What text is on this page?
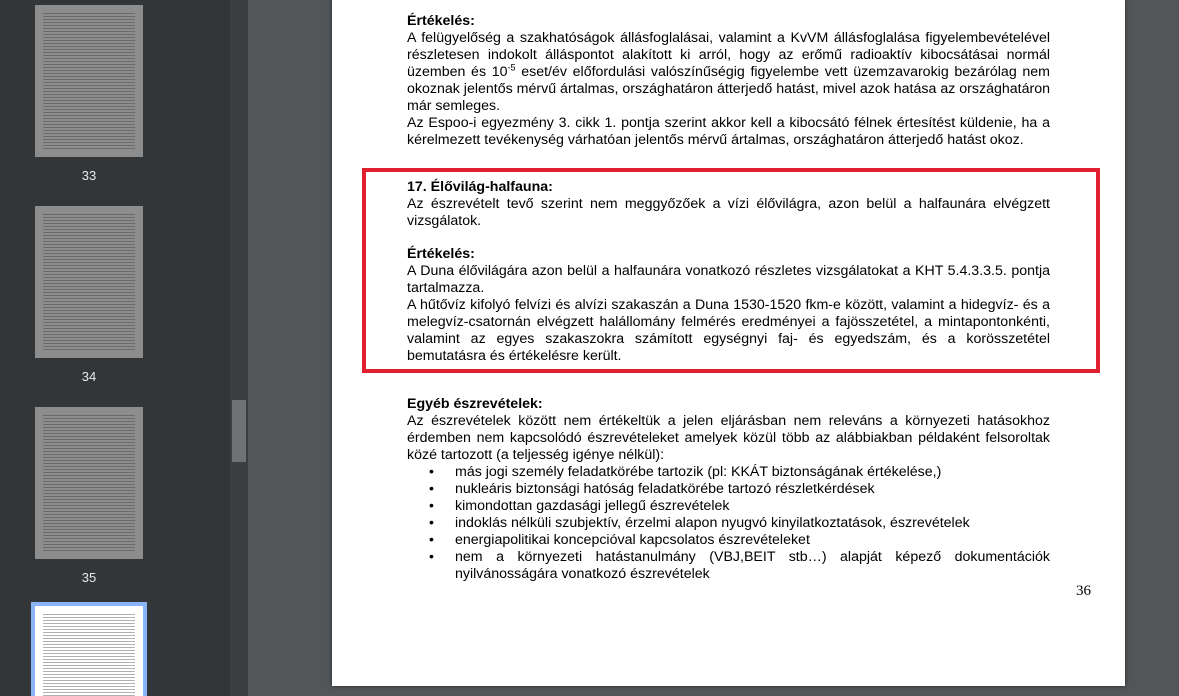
33
34
35

Értékelés:

A felügyelőség a szakhatóságok állásfoglalásai, valamint a KvVM állásfoglalása figyelembevételével részletesen indokolt álláspontot alakított ki arról, hogy az erőmű radioaktív kibocsátásai normál üzemben és $10^{-5}$ eset/év előfordulási valószínűségig figyelembe vett üzemzavarokig bezárólag nem okoznak jelentős mérvű ártalmas, országhatáron átterjedő hatást, mivel azok hatása az országhatáron már semleges.

Az Espoo-i egyezmény 3. cikk 1. pontja szerint akkor kell a kibocsátó félnek értesítést küldenie, ha a kérelmezett tevékenység várhatóan jelentős mérvű ártalmas, országhatáron átterjedő hatást okoz.

17. Élővilág-halfauna:

Az észrevételt tevő szerint nem meggyőzőek a vízi élővilágra, azon belül a halfaunára elvégzett vizsgálatok.

Értékelés:

A Duna élővilágára azon belül a halfaunára vonatkozó részletes vizsgálatokat a KHT 5.4.3.3.5. pontja tartalmazza.

A hűtővíz kifolyó felvízi és alvízi szakaszán a Duna 1530-1520 fkm-e között, valamint a hidegvíz- és a melegvíz-csatornán elvégzett halállomány felmérés eredményei a fajösszetétel, a mintapontonkénti, valamint az egyes szakaszokra számított egységnyi faj- és egyedszám, és a korösszetétel bemutatásra és értékelésre került.

Egyéb észrevételek:

Az észrevételek között nem értékeltük a jelen eljárásban nem releváns a környezeti hatásokhoz érdemben nem kapcsolódó észrevételeket amelyek közül több az alábbiakban példaként felsoroltak közé tartozott (a teljesség igénye nélkül):

• más jogi személy feladatkörébe tartozik (pl: KKÁT biztonságának értékelése,)
• nukleáris biztonsági hatóság feladatkörébe tartozó részletkérdések
• kimondottan gazdasági jellegű észrevételek
• indoklás nélküli szubjektív, érzelmi alapon nyugvó kinyilatkoztatások, észrevételek
• energiapolitikai koncepcióval kapcsolatos észrevételeket
• nem a környezeti hatástanulmány (VBJ,BEIT stb…) alapját képező dokumentációk nyilvánosságára vonatkozó észrevételek
36
